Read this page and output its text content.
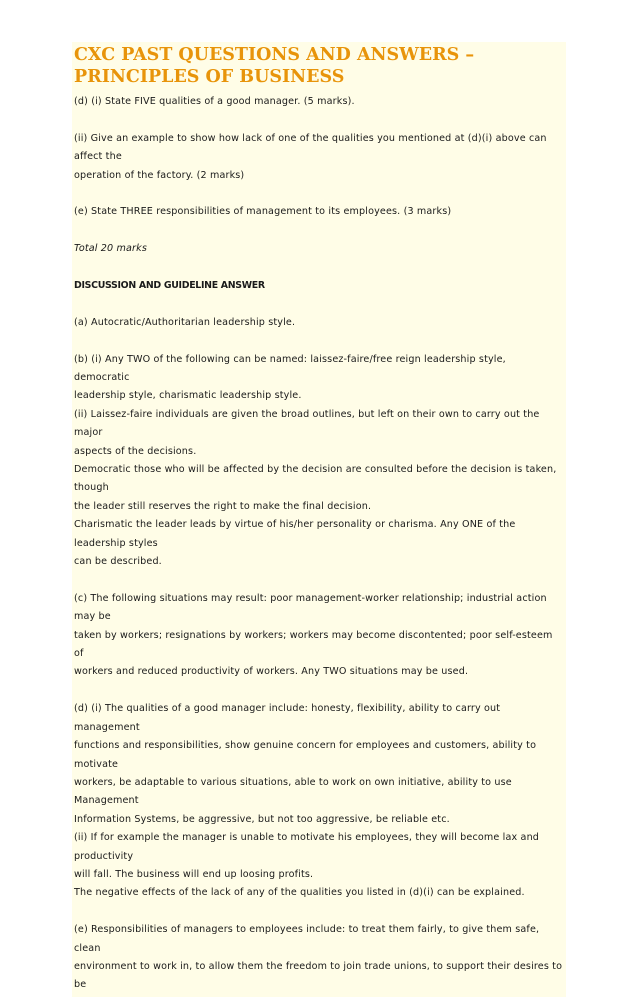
CXC PAST QUESTIONS AND ANSWERS –

PRINCIPLES OF BUSINESS

(d) (i) State FIVE qualities of a good manager. (5 marks).

(ii) Give an example to show how lack of one of the qualities you mentioned at (d)(i) above can affect the

operation of the factory. (2 marks)

(e) State THREE responsibilities of management to its employees. (3 marks)

Total 20 marks

DISCUSSION AND GUIDELINE ANSWER

(a) Autocratic/Authoritarian leadership style.

(b) (i) Any TWO of the following can be named: laissez-faire/free reign leadership style, democratic

leadership style, charismatic leadership style.

(ii) Laissez-faire individuals are given the broad outlines, but left on their own to carry out the major

aspects of the decisions.

Democratic those who will be affected by the decision are consulted before the decision is taken, though

the leader still reserves the right to make the final decision.

Charismatic the leader leads by virtue of his/her personality or charisma. Any ONE of the leadership styles

can be described.

(c) The following situations may result: poor management-worker relationship; industrial action may be

taken by workers; resignations by workers; workers may become discontented; poor self-esteem of

workers and reduced productivity of workers. Any TWO situations may be used.

(d) (i) The qualities of a good manager include: honesty, flexibility, ability to carry out management

functions and responsibilities, show genuine concern for employees and customers, ability to motivate

workers, be adaptable to various situations, able to work on own initiative, ability to use Management

Information Systems, be aggressive, but not too aggressive, be reliable etc.

(ii) If for example the manager is unable to motivate his employees, they will become lax and productivity

will fall. The business will end up loosing profits.

The negative effects of the lack of any of the qualities you listed in (d)(i) can be explained.

(e) Responsibilities of managers to employees include: to treat them fairly, to give them safe, clean

environment to work in, to allow them the freedom to join trade unions, to support their desires to be
